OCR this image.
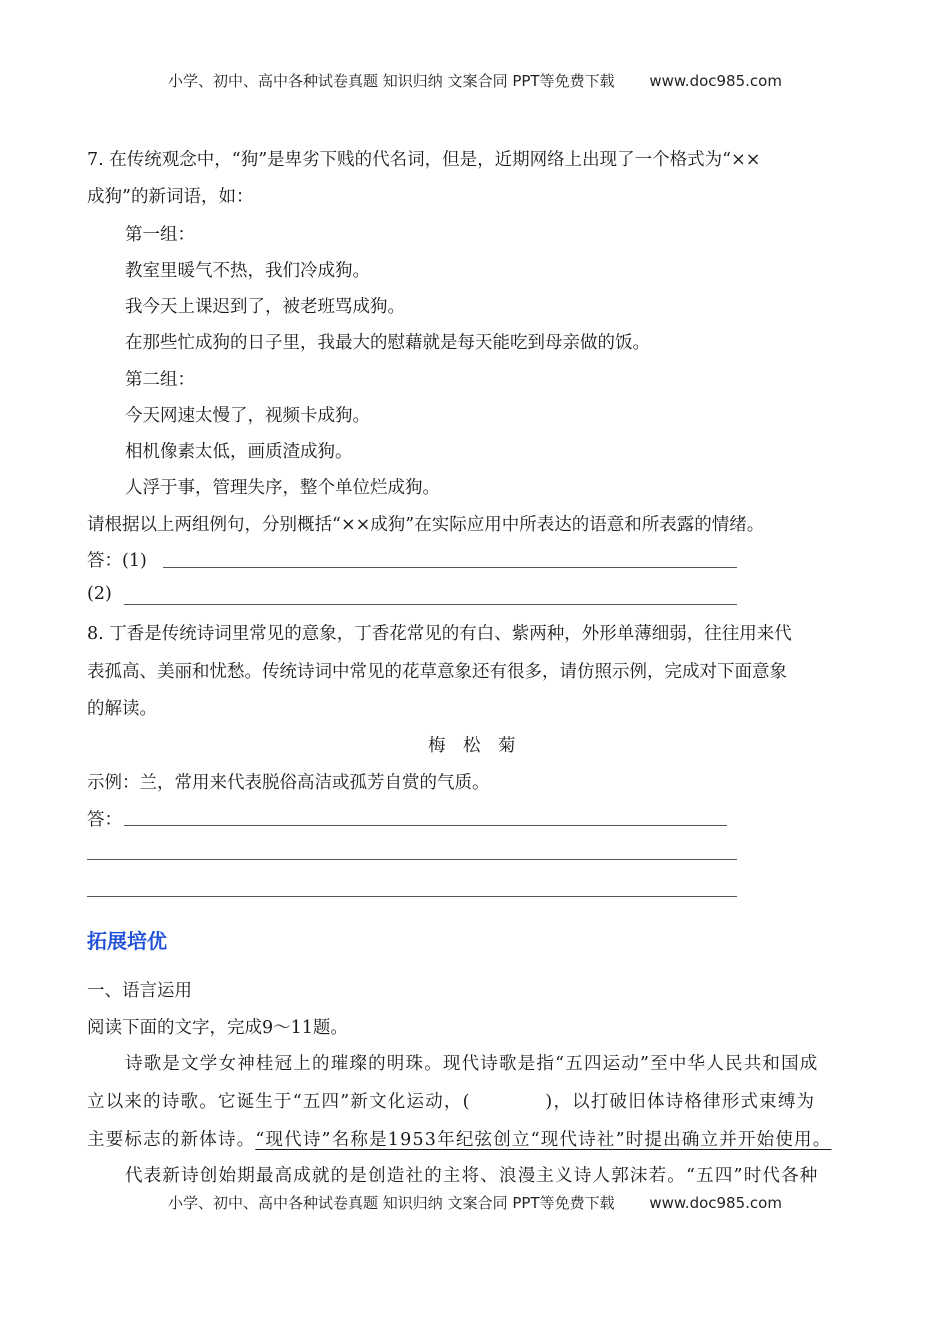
小学、初中、高中各种试卷真题 知识归纳 文案合同 PPT等免费下载 www.doc985.com
7. 在传统观念中，“狗”是卑劣下贱的代名词，但是，近期网络上出现了一个格式为“××
成狗”的新词语，如：
第一组：
教室里暖气不热，我们冷成狗。
我今天上课迟到了，被老班骂成狗。
在那些忙成狗的日子里，我最大的慰藉就是每天能吃到母亲做的饭。
第二组：
今天网速太慢了，视频卡成狗。
相机像素太低，画质渣成狗。
人浮于事，管理失序，整个单位烂成狗。
请根据以上两组例句，分别概括“××成狗”在实际应用中所表达的语意和所表露的情绪。
答：(1)
(2)
8. 丁香是传统诗词里常见的意象，丁香花常见的有白、紫两种，外形单薄细弱，往往用来代
表孤高、美丽和忧愁。传统诗词中常见的花草意象还有很多，请仿照示例，完成对下面意象
的解读。
梅　松　菊
示例：兰，常用来代表脱俗高洁或孤芳自赏的气质。
答：
拓展培优
一、语言运用
阅读下面的文字，完成9～11题。
诗歌是文学女神桂冠上的璀璨的明珠。现代诗歌是指“五四运动”至中华人民共和国成
立以来的诗歌。它诞生于“五四”新文化运动，(　　　　)，以打破旧体诗格律形式束缚为
主要标志的新体诗。“现代诗”名称是1953年纪弦创立“现代诗社”时提出确立并开始使用。
代表新诗创始期最高成就的是创造社的主将、浪漫主义诗人郭沫若。“五四”时代各种
小学、初中、高中各种试卷真题 知识归纳 文案合同 PPT等免费下载 www.doc985.com
